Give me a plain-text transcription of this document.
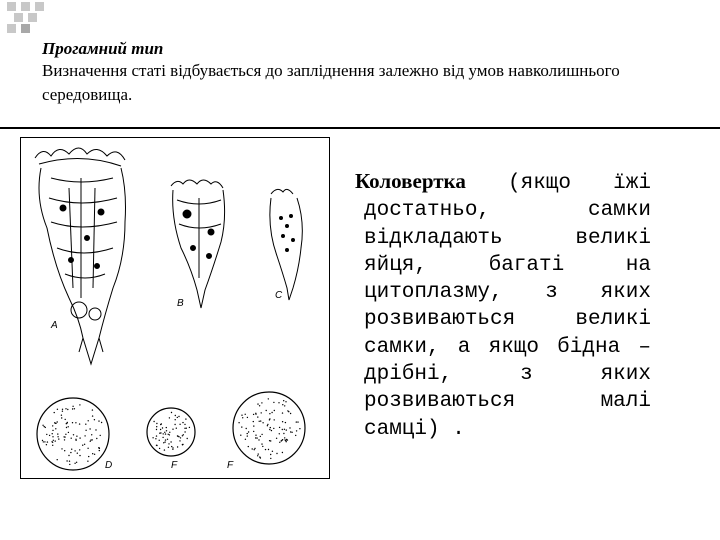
Прогамний тип
Визначення статі відбувається до запліднення залежно від умов навколишнього середовища.
A
B
C
D	F	F
Коловертка (якщо їжі достатньо, самки відкладають великі яйця, багаті на цитоплазму, з яких розвиваються великі самки, а якщо бідна – дрібні, з яких розвиваються малі самці) .
